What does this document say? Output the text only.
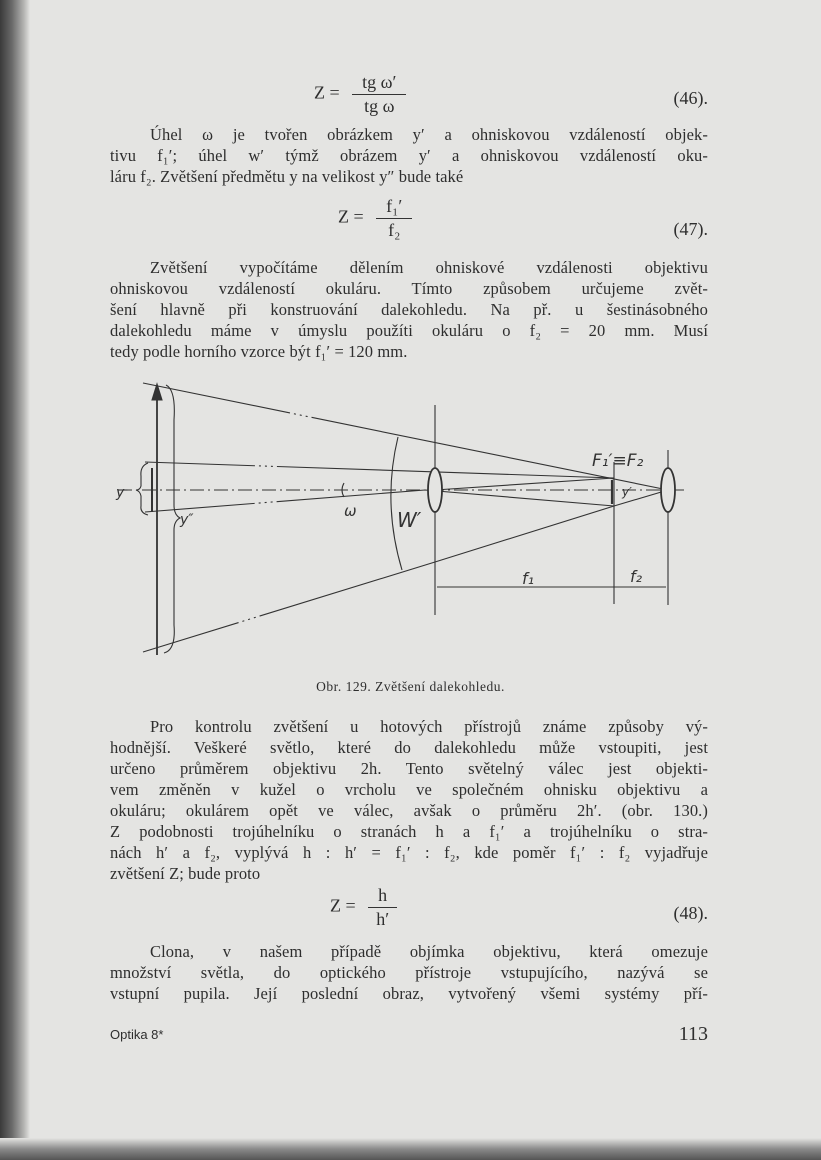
$Z = \frac{\text{tg ω′}}{\text{tg ω}}$	(46).
Úhel ω je tvořen obrázkem y′ a ohniskovou vzdáleností objek-
tivu f₁′; úhel w′ týmž obrázem y′ a ohniskovou vzdáleností oku-
láru f₂. Zvětšení předmětu y na velikost y″ bude také
$Z = \frac{\text{f₁′}}{\text{f₂}}$	(47).
Zvětšení vypočítáme dělením ohniskové vzdálenosti objektivu
ohniskovou vzdáleností okuláru. Tímto způsobem určujeme zvět-
šení hlavně při konstruování dalekohledu. Na př. u šestinásobného
dalekohledu máme v úmyslu použíti okuláru o f₂ = 20 mm. Musí
tedy podle horního vzorce být f₁′ = 120 mm.
y
y″	ω W′
F₁′≡F₂
y′
f₁	f₂
Obr. 129. Zvětšení dalekohledu.
Pro kontrolu zvětšení u hotových přístrojů známe způsoby vý-
hodnější. Veškeré světlo, které do dalekohledu může vstoupiti, jest
určeno průměrem objektivu 2h. Tento světelný válec jest objekti-
vem změněn v kužel o vrcholu ve společném ohnisku objektivu a
okuláru; okulárem opět ve válec, avšak o průměru 2h′. (obr. 130.)
Z podobnosti trojúhelníku o stranách h a f₁′ a trojúhelníku o stra-
nách h′ a f₂, vyplývá h : h′ = f₁′ : f₂, kde poměr f₁′ : f₂ vyjadřuje
zvětšení Z; bude proto
$Z = \frac{h}{h'}$	(48).
Clona, v našem případě objímka objektivu, která omezuje
množství světla, do optického přístroje vstupujícího, nazývá se
vstupní pupila. Její poslední obraz, vytvořený všemi systémy pří-
Optika 8*	113
